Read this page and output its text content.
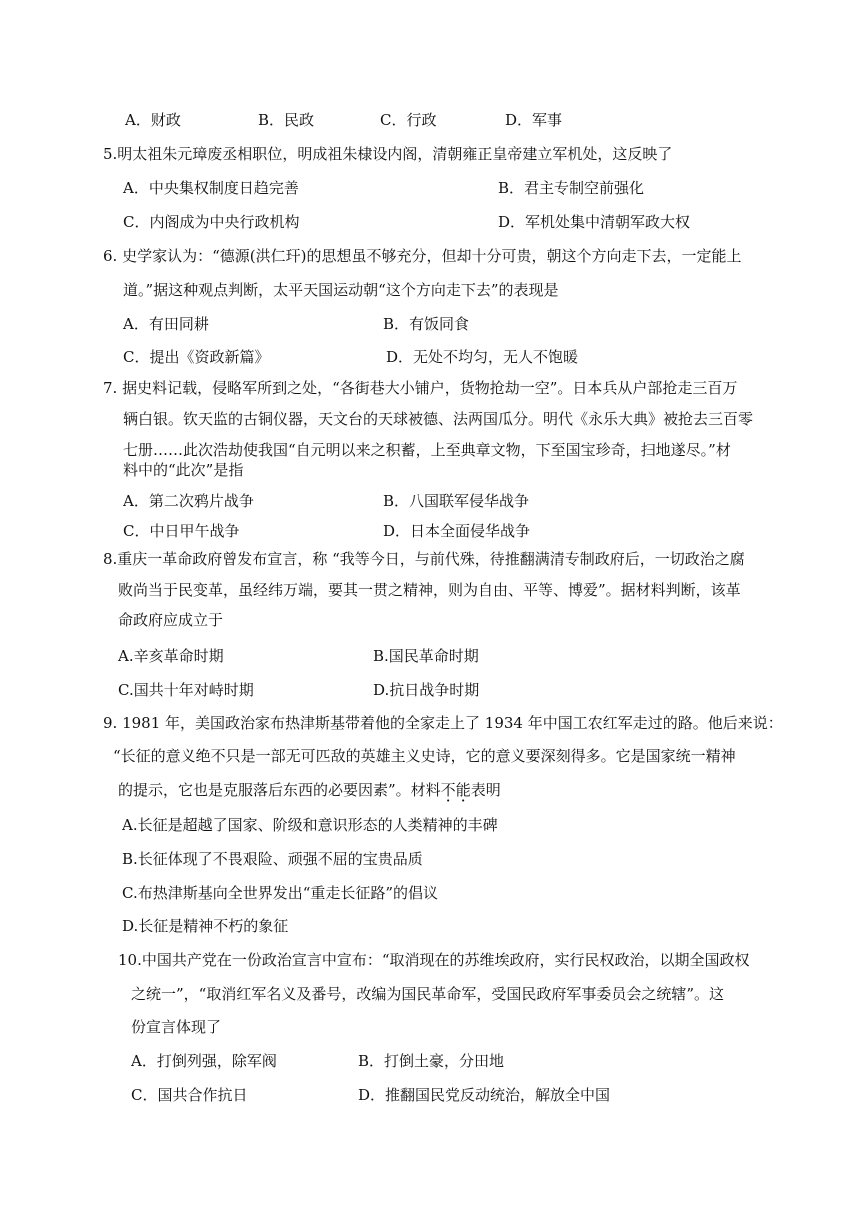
A．财政	B．民政	C．行政	D．军事
5.明太祖朱元璋废丞相职位，明成祖朱棣设内阁，清朝雍正皇帝建立军机处，这反映了
A．中央集权制度日趋完善	B．君主专制空前强化
C．内阁成为中央行政机构	D．军机处集中清朝军政大权
6. 史学家认为：“德源(洪仁玕)的思想虽不够充分，但却十分可贵，朝这个方向走下去，一定能上
道。”据这种观点判断，太平天国运动朝“这个方向走下去”的表现是
A．有田同耕	B．有饭同食
C．提出《资政新篇》	D．无处不均匀，无人不饱暖
7. 据史料记载，侵略军所到之处，“各街巷大小铺户，货物抢劫一空”。日本兵从户部抢走三百万
辆白银。钦天监的古铜仪器，天文台的天球被德、法两国瓜分。明代《永乐大典》被抢去三百零
七册……此次浩劫使我国“自元明以来之积蓄，上至典章文物，下至国宝珍奇，扫地遂尽。”材
料中的“此次”是指
A．第二次鸦片战争	B．八国联军侵华战争
C．中日甲午战争	D．日本全面侵华战争
8.重庆一革命政府曾发布宣言，称 “我等今日，与前代殊，待推翻满清专制政府后，一切政治之腐
败尚当于民变革，虽经纬万端，要其一贯之精神，则为自由、平等、博爱”。据材料判断，该革
命政府应成立于
A.辛亥革命时期	B.国民革命时期
C.国共十年对峙时期	D.抗日战争时期
9. 1981 年，美国政治家布热津斯基带着他的全家走上了 1934 年中国工农红军走过的路。他后来说：
“长征的意义绝不只是一部无可匹敌的英雄主义史诗，它的意义要深刻得多。它是国家统一精神
的提示，它也是克服落后东西的必要因素”。材料不能表明
A.长征是超越了国家、阶级和意识形态的人类精神的丰碑
B.长征体现了不畏艰险、顽强不屈的宝贵品质
C.布热津斯基向全世界发出“重走长征路”的倡议
D.长征是精神不朽的象征
10.中国共产党在一份政治宣言中宣布：“取消现在的苏维埃政府，实行民权政治，以期全国政权
之统一”，“取消红军名义及番号，改编为国民革命军，受国民政府军事委员会之统辖”。这
份宣言体现了
A．打倒列强，除军阀	B．打倒土豪，分田地
C．国共合作抗日	D．推翻国民党反动统治，解放全中国
